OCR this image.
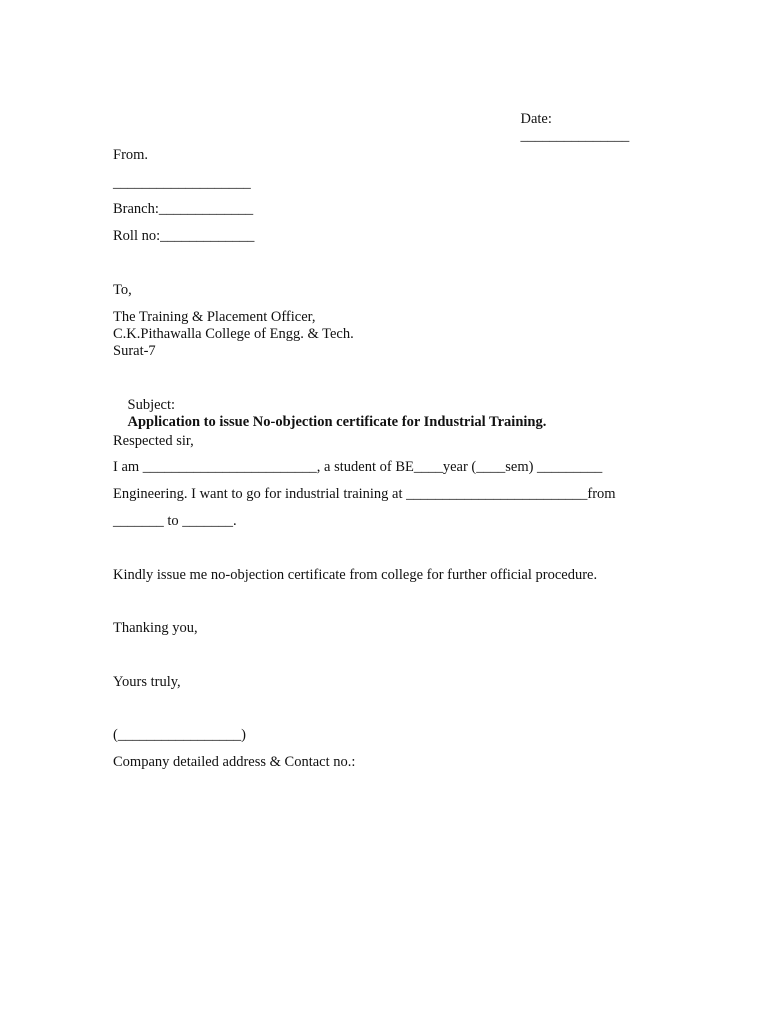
Date:
_______________

From.
___________________
Branch:_____________
Roll no:_____________
To,
The Training & Placement Officer,
C.K.Pithawalla College of Engg. & Tech.
Surat-7

Subject:
Application to issue No-objection certificate for Industrial Training.

Respected sir,
I am ________________________, a student of BE____year (____sem) _________
Engineering. I want to go for industrial training at _________________________from
_______ to _______.
Kindly issue me no-objection certificate from college for further official procedure.
Thanking you,
Yours truly,
(_________________)
Company detailed address & Contact no.:
